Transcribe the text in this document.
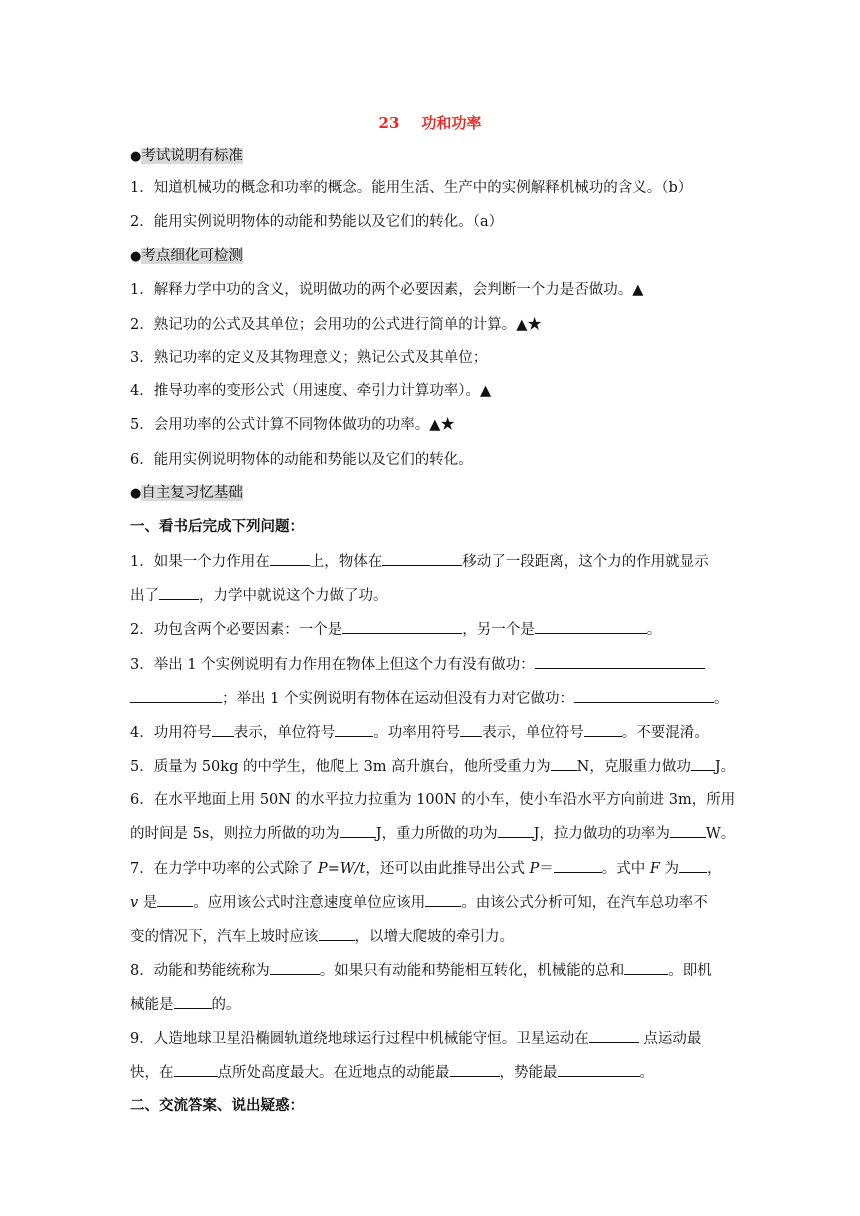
23 功和功率
●考试说明有标准
1．知道机械功的概念和功率的概念。能用生活、生产中的实例解释机械功的含义。（b）
2．能用实例说明物体的动能和势能以及它们的转化。（a）
●考点细化可检测
1．解释力学中功的含义，说明做功的两个必要因素，会判断一个力是否做功。▲
2．熟记功的公式及其单位；会用功的公式进行简单的计算。▲★
3．熟记功率的定义及其物理意义；熟记公式及其单位；
4．推导功率的变形公式（用速度、牵引力计算功率）。▲
5．会用功率的公式计算不同物体做功的功率。▲★
6．能用实例说明物体的动能和势能以及它们的转化。
●自主复习忆基础
一、看书后完成下列问题：
1．如果一个力作用在	上，物体在	移动了一段距离，这个力的作用就显示
出了	，力学中就说这个力做了功。
2．功包含两个必要因素：一个是	，另一个是	。
3．举出 1 个实例说明有力作用在物体上但这个力有没有做功：
；举出 1 个实例说明有物体在运动但没有力对它做功：	。
4．功用符号 表示，单位符号	。功率用符号 表示，单位符号	。不要混淆。
5．质量为 50kg 的中学生，他爬上 3m 高升旗台，他所受重力为 N，克服重力做功 J。
6．在水平地面上用 50N 的水平拉力拉重为 100N 的小车，使小车沿水平方向前进 3m，所用
的时间是 5s，则拉力所做的功为 J，重力所做的功为 J，拉力做功的功率为 W。
7．在力学中功率的公式除了 P=W/t，还可以由此推导出公式 P＝	。式中 F 为 ，
v 是 。应用该公式时注意速度单位应该用 。由该公式分析可知，在汽车总功率不
变的情况下，汽车上坡时应该 ，以增大爬坡的牵引力。
8．动能和势能统称为	。如果只有动能和势能相互转化，机械能的总和	。即机
械能是	的。
9．人造地球卫星沿椭圆轨道绕地球运行过程中机械能守恒。卫星运动在	点运动最
快，在	点所处高度最大。在近地点的动能最	，势能最	。
二、交流答案、说出疑惑：
